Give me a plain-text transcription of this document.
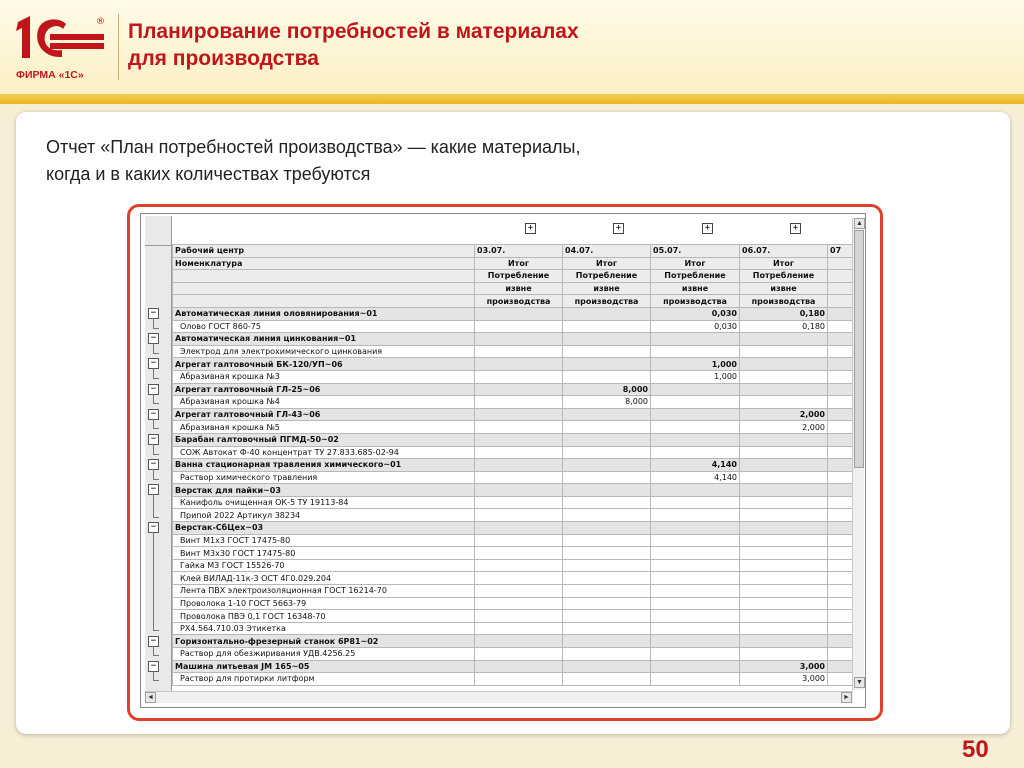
®
ФИРМА «1С»
Планирование потребностей в материалах
для производства
Отчет «План потребностей производства» — какие материалы,
когда и в каких количествах требуются
+	+	+	+
Рабочий центр	03.07.	04.07.	05.07.	06.07.	07
Номенклатура	Итог	Итог	Итог	Итог	
	Потребление	Потребление	Потребление	Потребление	
	извне	извне	извне	извне	
	производства	производства	производства	производства	
Автоматическая линия оловянирования~01			0,030	0,180	
Олово ГОСТ 860-75			0,030	0,180	
Автоматическая линия цинкования~01					
Электрод для электрохимического цинкования					
Агрегат галтовочный БК-120/УП~06			1,000		
Абразивная крошка №3			1,000		
Агрегат галтовочный ГЛ-25~06		8,000			
Абразивная крошка №4		8,000			
Агрегат галтовочный ГЛ-43~06				2,000	
Абразивная крошка №5				2,000	
Барабан галтовочный ПГМД-50~02					
СОЖ Автокат Ф-40 концентрат ТУ 27.833.685-02-94					
Ванна стационарная травления химического~01			4,140		
Раствор химического травления			4,140		
Верстак для пайки~03					
Канифоль очищенная ОК-5 ТУ 19113-84					
Припой 2022 Артикул 38234					
Верстак-СбЦех~03					
Винт М1х3 ГОСТ 17475-80					
Винт М3х30 ГОСТ 17475-80					
Гайка М3 ГОСТ 15526-70					
Клей ВИЛАД-11к-3 ОСТ 4Г0.029.204					
Лента ПВХ электроизоляционная ГОСТ 16214-70					
Проволока 1-10 ГОСТ 5663-79					
Проволока ПВЭ 0,1 ГОСТ 16348-70					
РХ4.564.710.03 Этикетка					
Горизонтально-фрезерный станок 6Р81~02					
Раствор для обезжиривания УДВ.4256.25					
Машина литьевая JM 165~05				3,000	
Раствор для протирки литформ				3,000	
▲
▼
◄	►
−
−
−
−
−
−
−
−
−
−
−
50
